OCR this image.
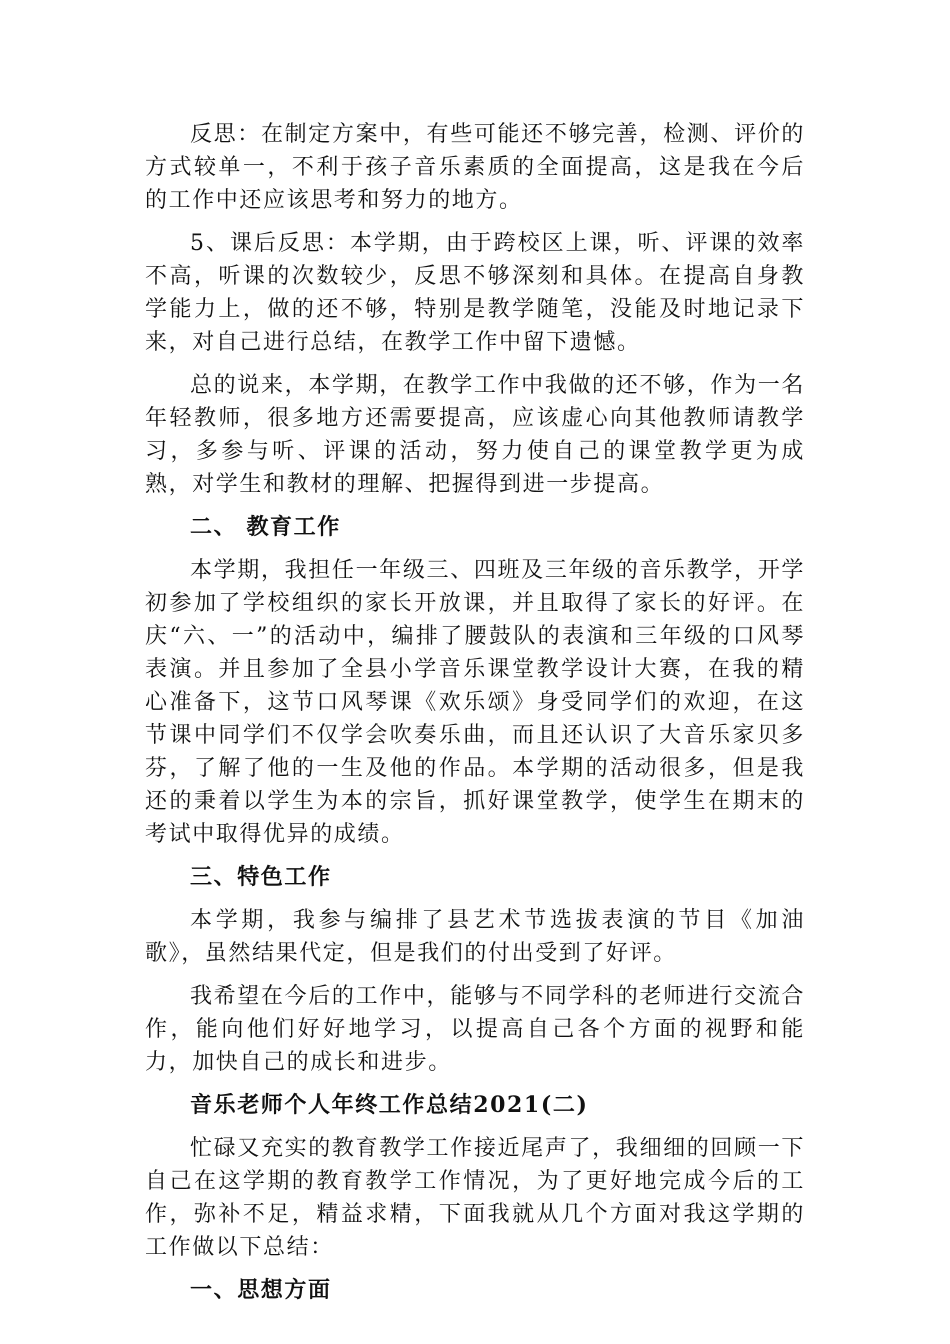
反思：在制定方案中，有些可能还不够完善，检测、评价的方式较单一，不利于孩子音乐素质的全面提高，这是我在今后的工作中还应该思考和努力的地方。

5、课后反思：本学期，由于跨校区上课，听、评课的效率不高，听课的次数较少，反思不够深刻和具体。在提高自身教学能力上，做的还不够，特别是教学随笔，没能及时地记录下来，对自己进行总结，在教学工作中留下遗憾。

总的说来，本学期，在教学工作中我做的还不够，作为一名年轻教师，很多地方还需要提高，应该虚心向其他教师请教学习，多参与听、评课的活动，努力使自己的课堂教学更为成熟，对学生和教材的理解、把握得到进一步提高。

二、 教育工作

本学期，我担任一年级三、四班及三年级的音乐教学，开学初参加了学校组织的家长开放课，并且取得了家长的好评。在庆“六、一”的活动中，编排了腰鼓队的表演和三年级的口风琴表演。并且参加了全县小学音乐课堂教学设计大赛，在我的精心准备下，这节口风琴课《欢乐颂》身受同学们的欢迎，在这节课中同学们不仅学会吹奏乐曲，而且还认识了大音乐家贝多芬，了解了他的一生及他的作品。本学期的活动很多，但是我还的秉着以学生为本的宗旨，抓好课堂教学，使学生在期末的考试中取得优异的成绩。

三、特色工作

本学期，我参与编排了县艺术节选拔表演的节目《加油歌》，虽然结果代定，但是我们的付出受到了好评。

我希望在今后的工作中，能够与不同学科的老师进行交流合作，能向他们好好地学习，以提高自己各个方面的视野和能力，加快自己的成长和进步。

音乐老师个人年终工作总结2021(二)

忙碌又充实的教育教学工作接近尾声了，我细细的回顾一下自己在这学期的教育教学工作情况，为了更好地完成今后的工作，弥补不足，精益求精，下面我就从几个方面对我这学期的工作做以下总结：

一、思想方面
